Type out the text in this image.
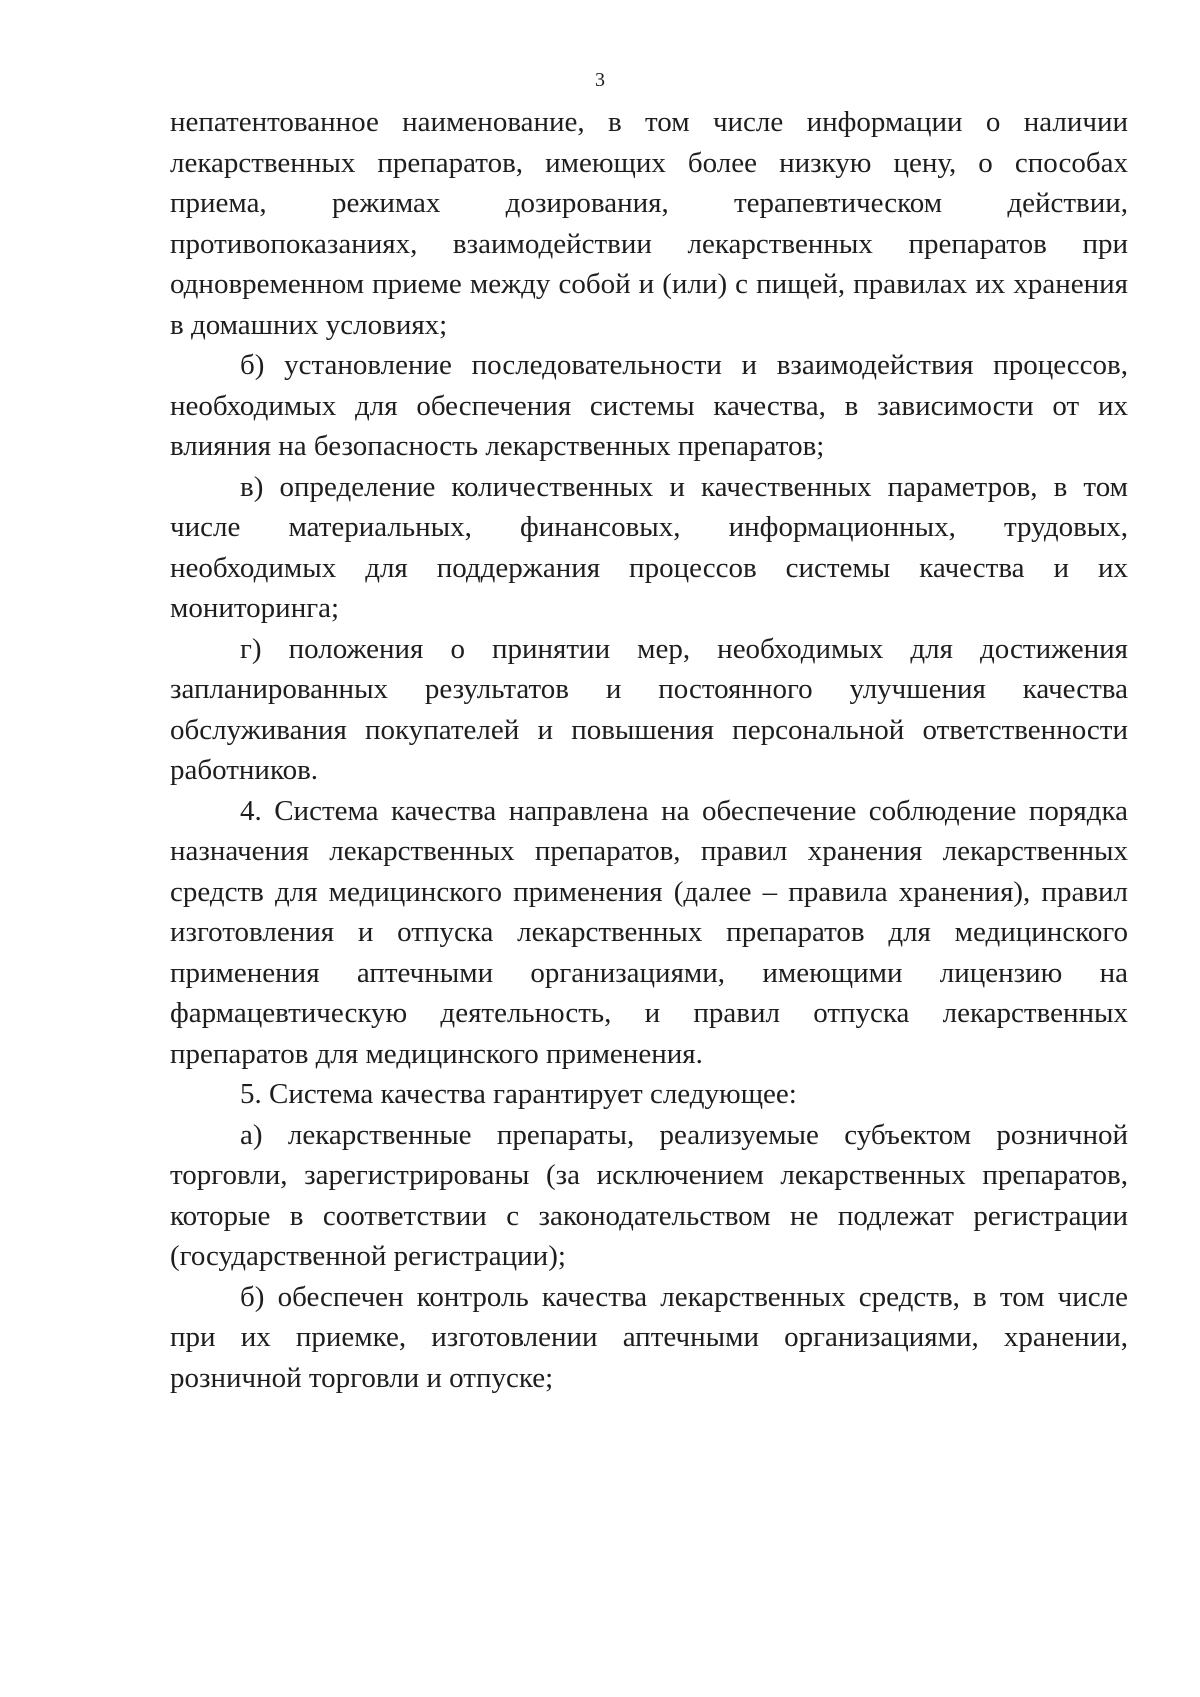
3

непатентованное наименование, в том числе информации о наличии лекарственных препаратов, имеющих более низкую цену, о способах приема, режимах дозирования, терапевтическом действии, противопоказаниях, взаимодействии лекарственных препаратов при одновременном приеме между собой и (или) с пищей, правилах их хранения в домашних условиях;

б) установление последовательности и взаимодействия процессов, необходимых для обеспечения системы качества, в зависимости от их влияния на безопасность лекарственных препаратов;

в) определение количественных и качественных параметров, в том числе материальных, финансовых, информационных, трудовых, необходимых для поддержания процессов системы качества и их мониторинга;

г) положения о принятии мер, необходимых для достижения запланированных результатов и постоянного улучшения качества обслуживания покупателей и повышения персональной ответственности работников.

4. Система качества направлена на обеспечение соблюдение порядка назначения лекарственных препаратов, правил хранения лекарственных средств для медицинского применения (далее – правила хранения), правил изготовления и отпуска лекарственных препаратов для медицинского применения аптечными организациями, имеющими лицензию на фармацевтическую деятельность, и правил отпуска лекарственных препаратов для медицинского применения.

5. Система качества гарантирует следующее:

а) лекарственные препараты, реализуемые субъектом розничной торговли, зарегистрированы (за исключением лекарственных препаратов, которые в соответствии с законодательством не подлежат регистрации (государственной регистрации);

б) обеспечен контроль качества лекарственных средств, в том числе при их приемке, изготовлении аптечными организациями, хранении, розничной торговли и отпуске;
